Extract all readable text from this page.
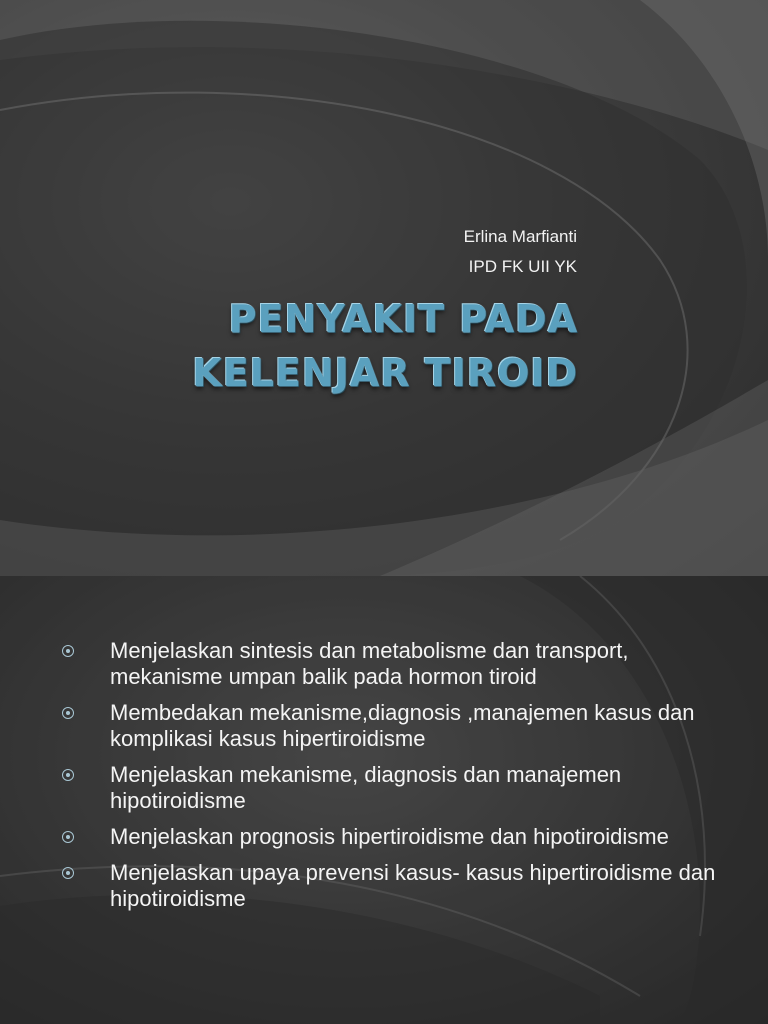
Erlina Marfianti
IPD FK UII YK
PENYAKIT PADA
KELENJAR TIROID
Menjelaskan sintesis dan metabolisme dan transport, mekanisme umpan balik pada hormon tiroid
Membedakan mekanisme,diagnosis ,manajemen kasus dan komplikasi kasus hipertiroidisme
Menjelaskan mekanisme, diagnosis dan manajemen hipotiroidisme
Menjelaskan prognosis hipertiroidisme dan hipotiroidisme
Menjelaskan upaya prevensi kasus- kasus hipertiroidisme dan hipotiroidisme
